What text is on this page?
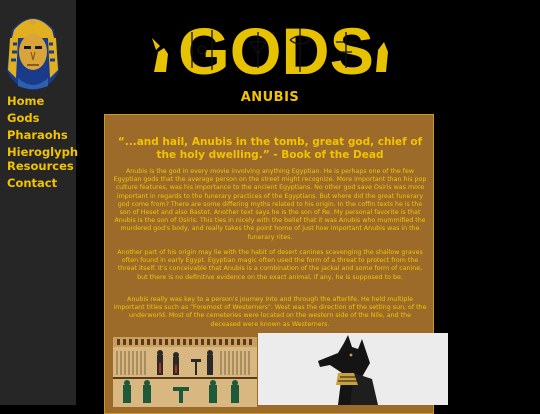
Home
Gods
Pharaohs
Hieroglyph Resources
Contact
GODS
ANUBIS
“...and hail, Anubis in the tomb, great god, chief of the holy dwelling.” - Book of the Dead
Anubis is the god in every movie involving anything Egyptian. He is perhaps one of the few Egyptian gods that the average person on the street might recognize. More important than his pop culture features, was his importance to the ancient Egyptians. No other god save Osiris was more important in regards to the funerary practices of the Egyptians. But where did the great funerary god come from? There are some differing myths related to his origin. In the coffin texts he is the son of Heset and also Bastet. Another text says he is the son of Re. My personal favorite is that Anubis is the son of Osiris. This ties in nicely with the belief that it was Anubis who mummified the murdered god's body, and really takes the point home of just how important Anubis was in the funerary rites.
Another part of his origin may lie with the habit of desert canines scavenging the shallow graves often found in early Egypt. Egyptian magic often used the form of a threat to protect from the threat itself. It's conceivable that Anubis is a combination of the jackal and some form of canine, but there is no definitive evidence on the exact animal, if any, he is supposed to be.
Anubis really was key to a person's journey into and through the afterlife. He held multiple important titles such as "Foremost of Westerners". West was the direction of the setting sun, of the underworld. Most of the cemeteries were located on the western side of the Nile, and the deceased were known as Westerners.
